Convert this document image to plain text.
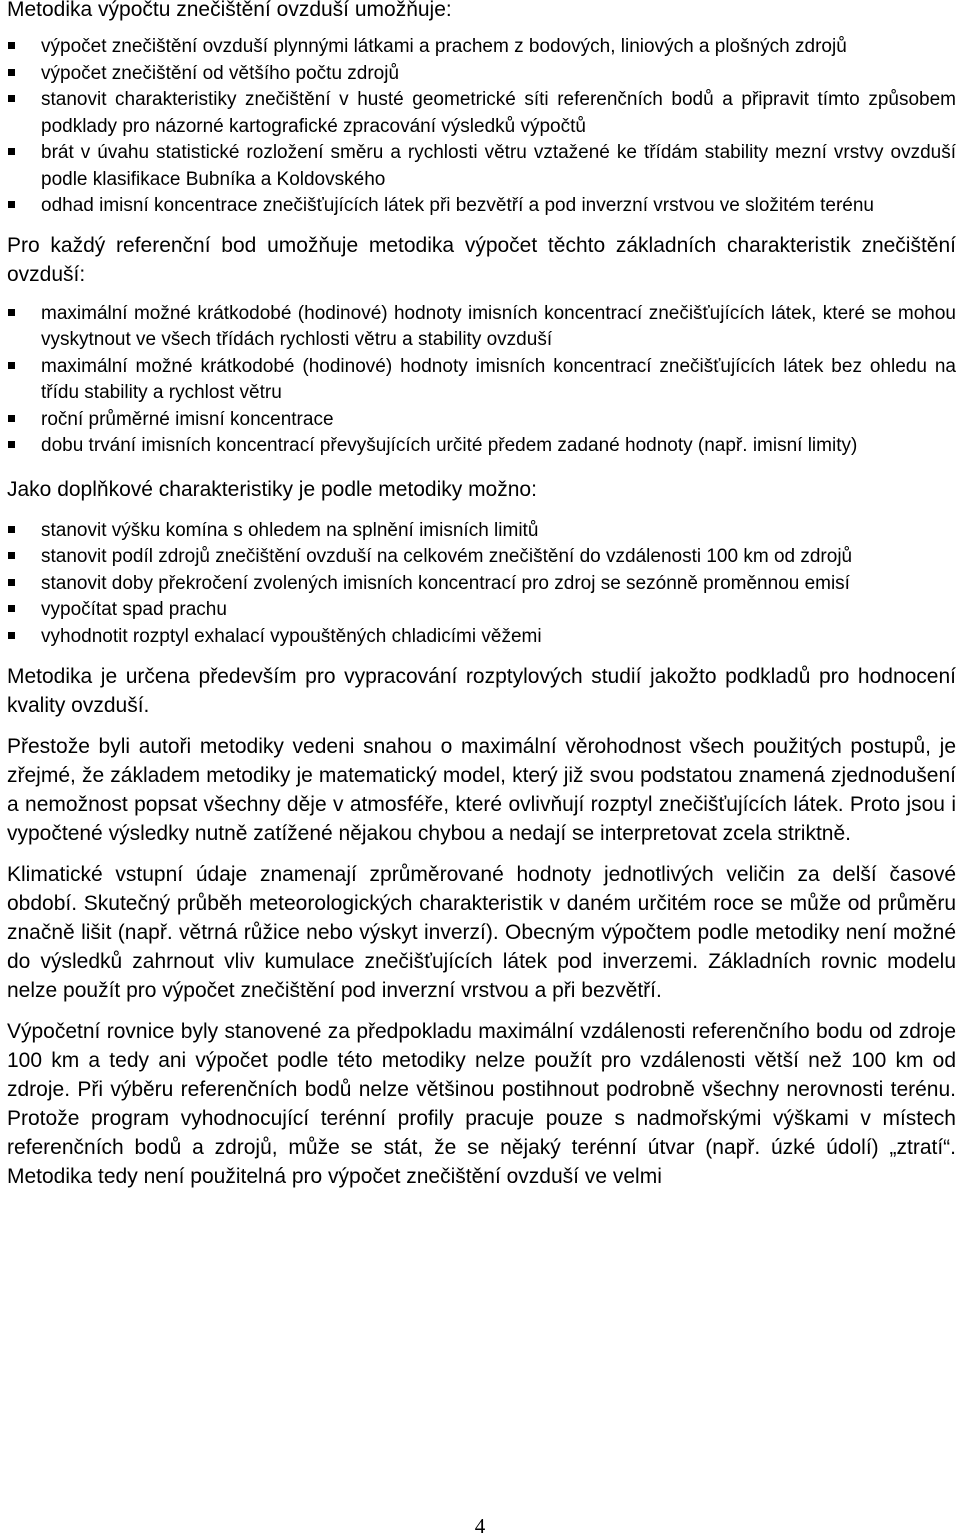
Metodika výpočtu znečištění ovzduší umožňuje:

výpočet znečištění ovzduší plynnými látkami a prachem z bodových, liniových a plošných zdrojů
výpočet znečištění od většího počtu zdrojů
stanovit charakteristiky znečištění v husté geometrické síti referenčních bodů a připravit tímto způsobem podklady pro názorné kartografické zpracování výsledků výpočtů
brát v úvahu statistické rozložení směru a rychlosti větru vztažené ke třídám stability mezní vrstvy ovzduší podle klasifikace Bubníka a Koldovského
odhad imisní koncentrace znečišťujících látek při bezvětří a pod inverzní vrstvou ve složitém terénu

Pro každý referenční bod umožňuje metodika výpočet těchto základních charakteristik znečištění ovzduší:

maximální možné krátkodobé (hodinové) hodnoty imisních koncentrací znečišťujících látek, které se mohou vyskytnout ve všech třídách rychlosti větru a stability ovzduší
maximální možné krátkodobé (hodinové) hodnoty imisních koncentrací znečišťujících látek bez ohledu na třídu stability a rychlost větru
roční průměrné imisní koncentrace
dobu trvání imisních koncentrací převyšujících určité předem zadané hodnoty (např. imisní limity)

Jako doplňkové charakteristiky je podle metodiky možno:

stanovit výšku komína s ohledem na splnění imisních limitů
stanovit podíl zdrojů znečištění ovzduší na celkovém znečištění do vzdálenosti 100 km od zdrojů
stanovit doby překročení zvolených imisních koncentrací pro zdroj se sezónně proměnnou emisí
vypočítat spad prachu
vyhodnotit rozptyl exhalací vypouštěných chladicími věžemi

Metodika je určena především pro vypracování rozptylových studií jakožto podkladů pro hodnocení kvality ovzduší.

Přestože byli autoři metodiky vedeni snahou o maximální věrohodnost všech použitých postupů, je zřejmé, že základem metodiky je matematický model, který již svou podstatou znamená zjednodušení a nemožnost popsat všechny děje v atmosféře, které ovlivňují rozptyl znečišťujících látek. Proto jsou i vypočtené výsledky nutně zatížené nějakou chybou a nedají se interpretovat zcela striktně.

Klimatické vstupní údaje znamenají zprůměrované hodnoty jednotlivých veličin za delší časové období. Skutečný průběh meteorologických charakteristik v daném určitém roce se může od průměru značně lišit (např. větrná růžice nebo výskyt inverzí). Obecným výpočtem podle metodiky není možné do výsledků zahrnout vliv kumulace znečišťujících látek pod inverzemi. Základních rovnic modelu nelze použít pro výpočet znečištění pod inverzní vrstvou a při bezvětří.

Výpočetní rovnice byly stanovené za předpokladu maximální vzdálenosti referenčního bodu od zdroje 100 km a tedy ani výpočet podle této metodiky nelze použít pro vzdálenosti větší než 100 km od zdroje. Při výběru referenčních bodů nelze většinou postihnout podrobně všechny nerovnosti terénu. Protože program vyhodnocující terénní profily pracuje pouze s nadmořskými výškami v místech referenčních bodů a zdrojů, může se stát, že se nějaký terénní útvar (např. úzké údolí) „ztratí“. Metodika tedy není použitelná pro výpočet znečištění ovzduší ve velmi

4
